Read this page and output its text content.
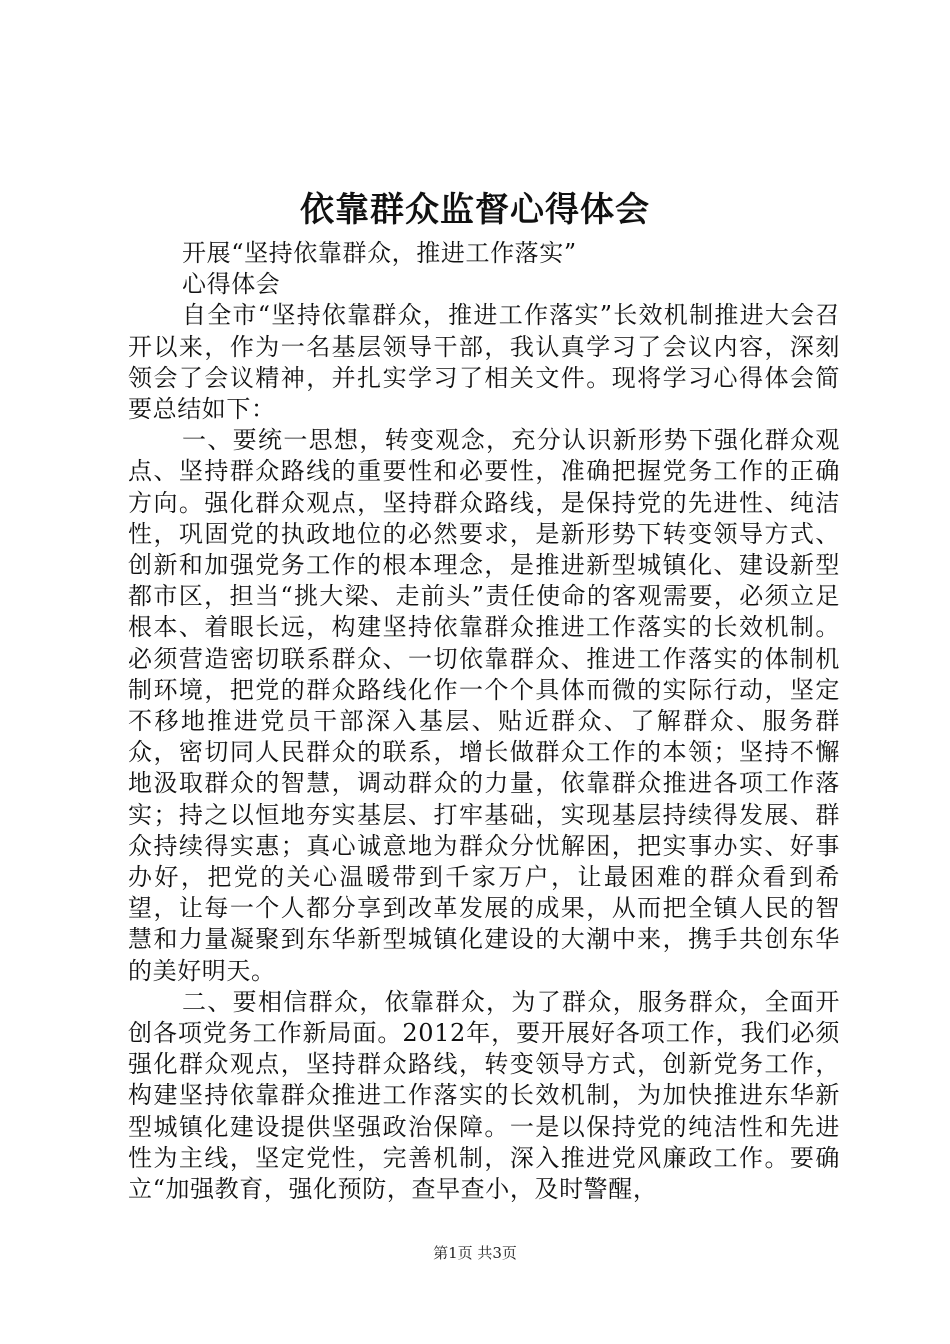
依靠群众监督心得体会

开展“坚持依靠群众，推进工作落实”

心得体会

自全市“坚持依靠群众，推进工作落实”长效机制推进大会召开以来，作为一名基层领导干部，我认真学习了会议内容，深刻领会了会议精神，并扎实学习了相关文件。现将学习心得体会简要总结如下：

一、要统一思想，转变观念，充分认识新形势下强化群众观点、坚持群众路线的重要性和必要性，准确把握党务工作的正确方向。强化群众观点，坚持群众路线，是保持党的先进性、纯洁性，巩固党的执政地位的必然要求，是新形势下转变领导方式、创新和加强党务工作的根本理念，是推进新型城镇化、建设新型都市区，担当“挑大梁、走前头”责任使命的客观需要，必须立足根本、着眼长远，构建坚持依靠群众推进工作落实的长效机制。必须营造密切联系群众、一切依靠群众、推进工作落实的体制机制环境，把党的群众路线化作一个个具体而微的实际行动，坚定不移地推进党员干部深入基层、贴近群众、了解群众、服务群众，密切同人民群众的联系，增长做群众工作的本领；坚持不懈地汲取群众的智慧，调动群众的力量，依靠群众推进各项工作落实；持之以恒地夯实基层、打牢基础，实现基层持续得发展、群众持续得实惠；真心诚意地为群众分忧解困，把实事办实、好事办好，把党的关心温暖带到千家万户，让最困难的群众看到希望，让每一个人都分享到改革发展的成果，从而把全镇人民的智慧和力量凝聚到东华新型城镇化建设的大潮中来，携手共创东华的美好明天。

二、要相信群众，依靠群众，为了群众，服务群众，全面开创各项党务工作新局面。2012年，要开展好各项工作，我们必须强化群众观点，坚持群众路线，转变领导方式，创新党务工作，构建坚持依靠群众推进工作落实的长效机制，为加快推进东华新型城镇化建设提供坚强政治保障。一是以保持党的纯洁性和先进性为主线，坚定党性，完善机制，深入推进党风廉政工作。要确立“加强教育，强化预防，查早查小，及时警醒，

第1页 共3页
